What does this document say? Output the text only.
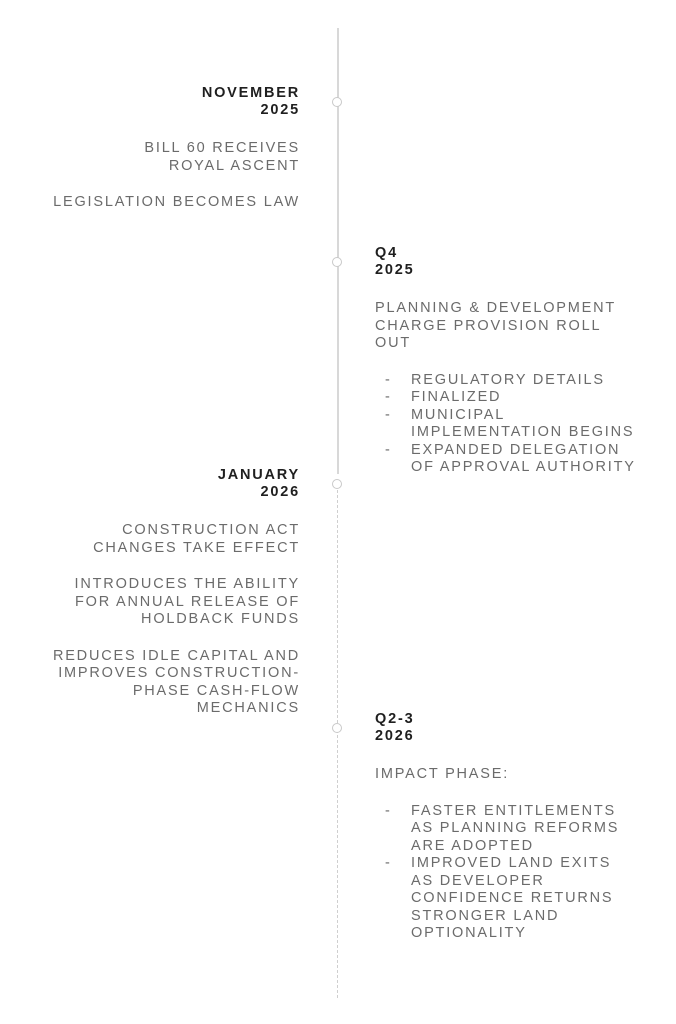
NOVEMBER

2025

BILL 60 RECEIVES

ROYAL ASCENT

LEGISLATION BECOMES LAW

Q4

2025

PLANNING & DEVELOPMENT

CHARGE PROVISION ROLL

OUT

- REGULATORY DETAILS
- FINALIZED
- MUNICIPAL
IMPLEMENTATION BEGINS
- EXPANDED DELEGATION
OF APPROVAL AUTHORITY

JANUARY

2026

CONSTRUCTION ACT

CHANGES TAKE EFFECT

INTRODUCES THE ABILITY

FOR ANNUAL RELEASE OF

HOLDBACK FUNDS

REDUCES IDLE CAPITAL AND

IMPROVES CONSTRUCTION-

PHASE CASH-FLOW

MECHANICS

Q2-3

2026

IMPACT PHASE:

- FASTER ENTITLEMENTS
AS PLANNING REFORMS
ARE ADOPTED
- IMPROVED LAND EXITS
AS DEVELOPER
CONFIDENCE RETURNS
STRONGER LAND
OPTIONALITY
